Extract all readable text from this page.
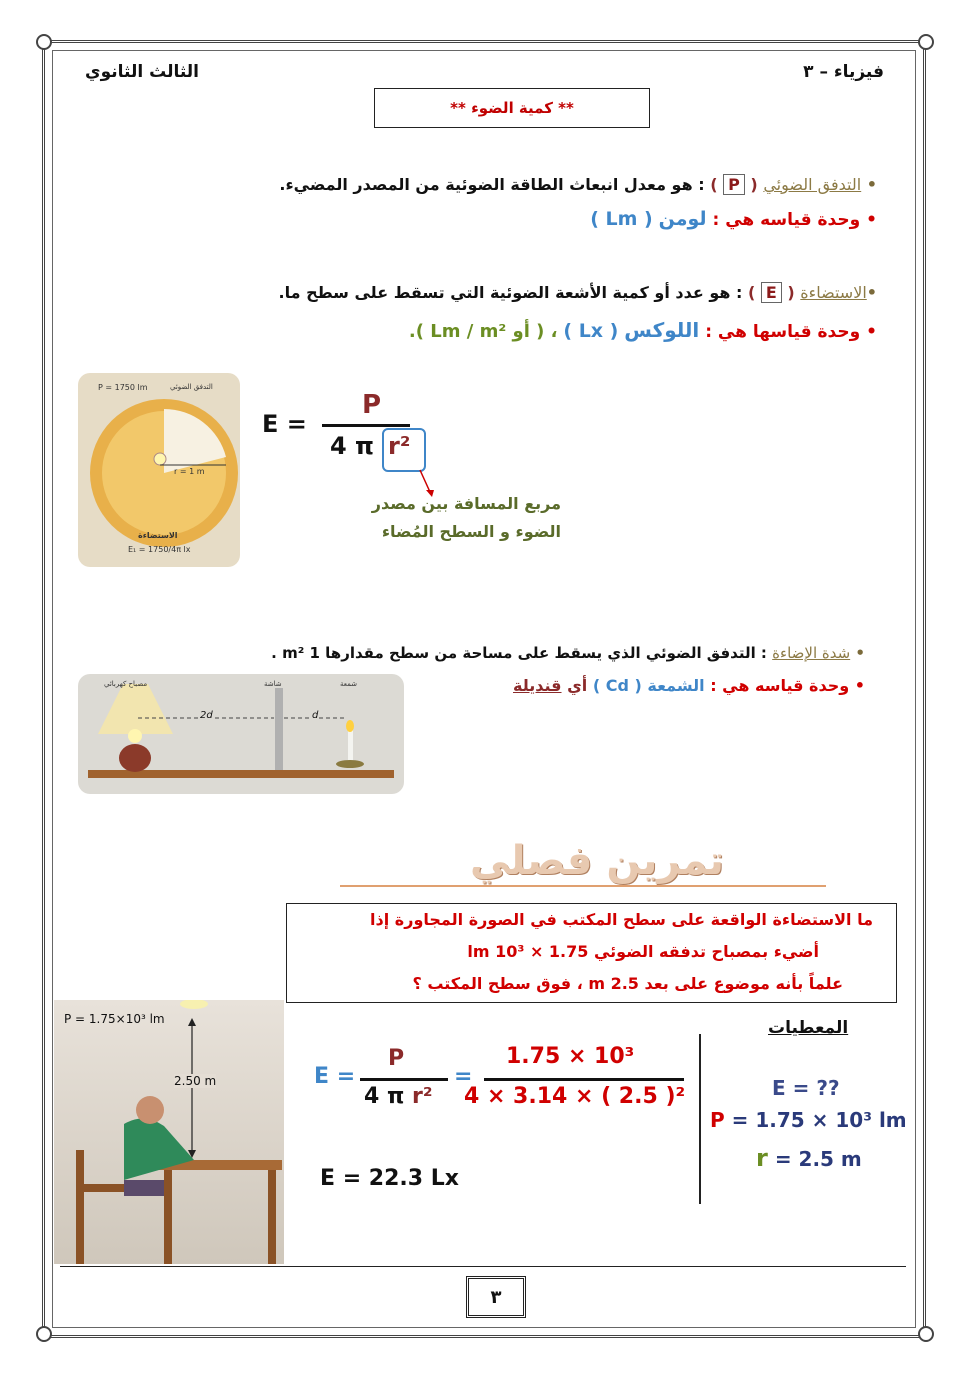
فيزياء – ٣
الثالث الثانوي
** كمية الضوء **
• التدفق الضوئي ( P ) : هو معدل انبعاث الطاقة الضوئية من المصدر المضيء.
• وحدة قياسه هي : لومن ( Lm )
•الاستضاءة ( E ) : هو عدد أو كمية الأشعة الضوئية التي تسقط على سطح ما.
• وحدة قياسها هي : اللوكس ( Lx ) ، ( أو Lm / m² ).
P = 1750 lm	التدفق الضوئي
r = 1 m
الاستضاءة
E₁ = 1750/4π lx
E =
P
4 π r²
مربع المسافة بين مصدر
الضوء و السطح المُضاء
• شدة الإضاءة : التدفق الضوئي الذي يسقط على مساحة من سطح مقدارها 1 m² .
• وحدة قياسه هي : الشمعة ( Cd ) أي قنديلة
مصباح كهربائي	شاشة	شمعة
2d	d
تمرين فصلي
ما الاستضاءة الواقعة على سطح المكتب في الصورة المجاورة إذا
أضيء بمصباح تدفقه الضوئي 1.75 × 10³ lm
علماً بأنه موضوع على بعد 2.5 m ، فوق سطح المكتب ؟
P = 1.75×10³ lm
2.50 m	E =
P
4 π r²
=
1.75 × 10³
4 × 3.14 × ( 2.5 )²
E = 22.3 Lx
المعطيات
E = ??
P = 1.75 × 10³ lm
r = 2.5 m
٣
